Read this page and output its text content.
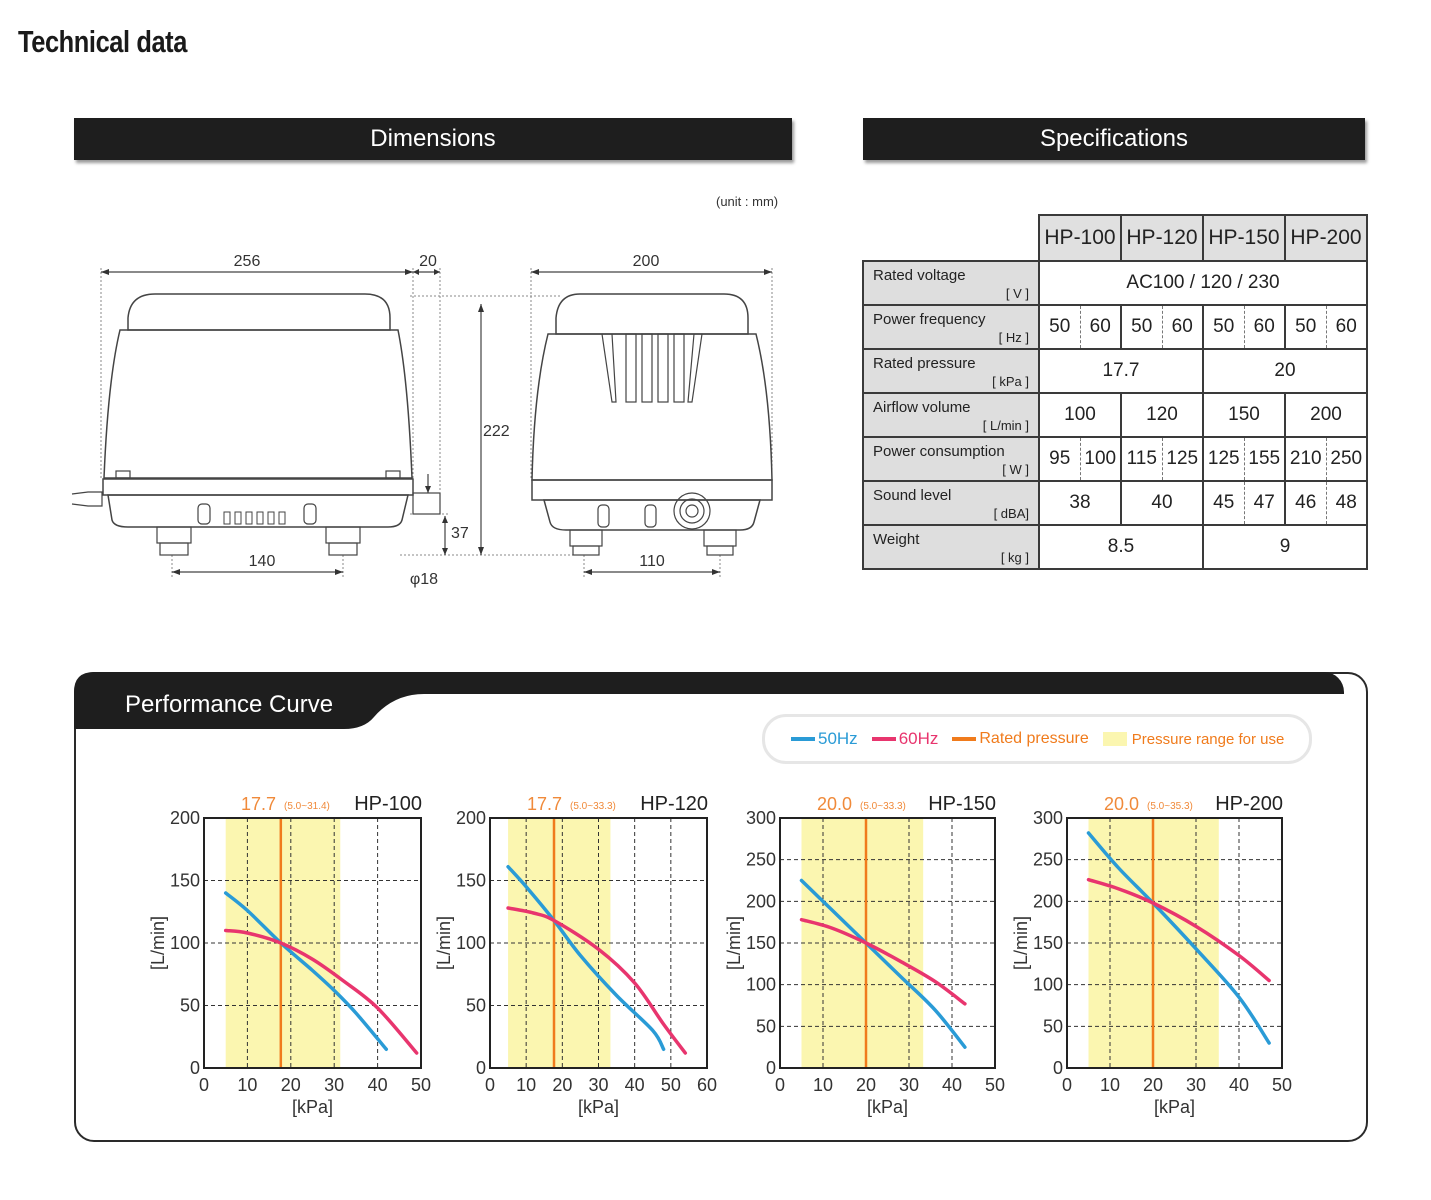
Technical data
Dimensions	Specifications
(unit : mm)
256	20	200
222
37
140
φ18
110
	HP-100		HP-120		HP-150		HP-200	

Rated voltage
[ V ]	AC100 / 120 / 230							

Power frequency
[ Hz ]	50	60	50	60	50	60	50	60

Rated pressure
[ kPa ]	17.7				20			

Airflow volume
[ L/min ]	100		120		150		200	

Power consumption
[ W ]	95	100	115	125	125	155	210	250

Sound level
[ dBA]	38		40		45	47	46	48

Weight
[ kg ]	8.5				9			
Performance Curve
50Hz 60Hz	Rated pressure	Pressure range for use
0 10 20 30 40 50
0
50
100
150
200
17.7 (5.0~31.4) HP-100
[kPa]
[L/min]
0 10 20 30 40 50 60
0
50
100
150
200
17.7 (5.0~33.3) HP-120
[kPa]
[L/min]
0 10 20 30 40 50
0
50
100
150
200
250
300
20.0 (5.0~33.3) HP-150
[kPa]
[L/min]
0 10 20 30 40 50
0
50
100
150
200
250
300
20.0 (5.0~35.3) HP-200
[kPa]
[L/min]
